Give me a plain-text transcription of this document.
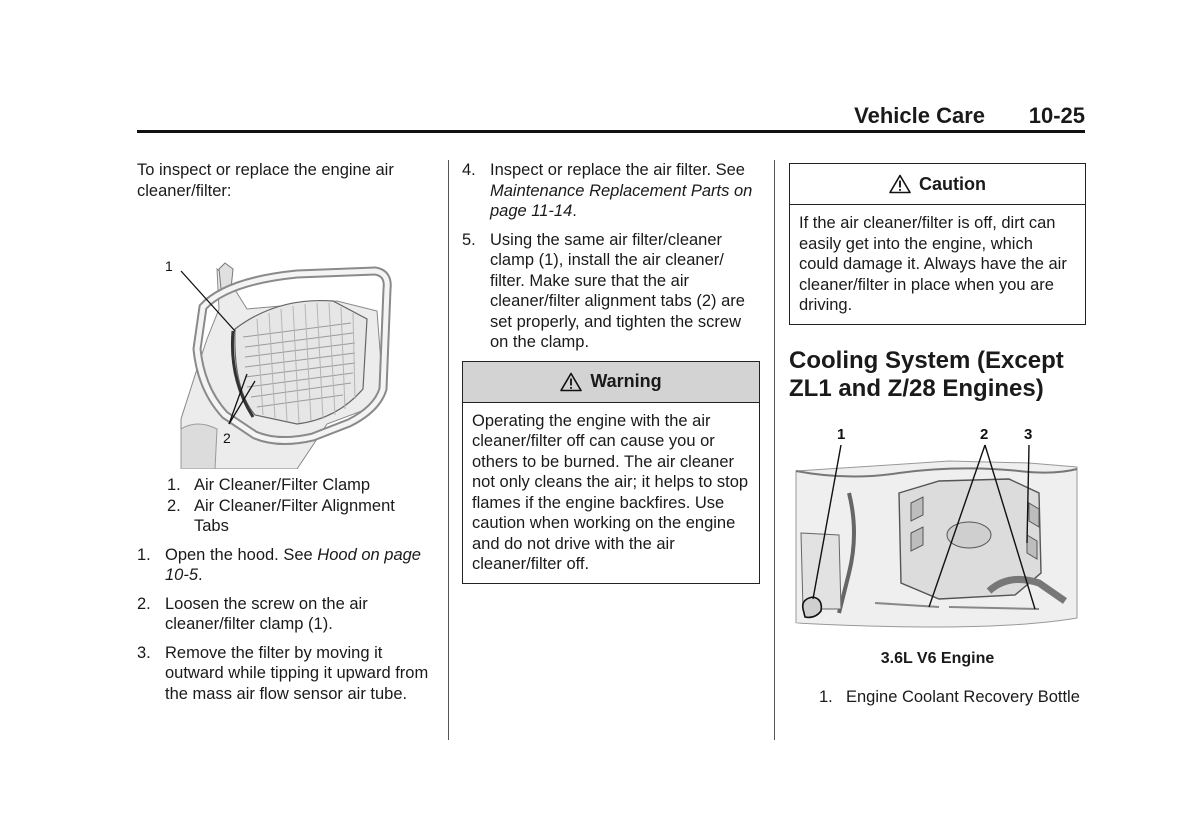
Vehicle Care 10-25

To inspect or replace the engine air cleaner/filter:

1
2
1. Air Cleaner/Filter Clamp
2. Air Cleaner/Filter Alignment Tabs
1. Open the hood. See Hood on page 10-5.
2. Loosen the screw on the air cleaner/filter clamp (1).
3. Remove the filter by moving it outward while tipping it upward from the mass air flow sensor air tube.
4. Inspect or replace the air filter. See Maintenance Replacement Parts on page 11-14.
5. Using the same air filter/cleaner clamp (1), install the air cleaner/ filter. Make sure that the air cleaner/filter alignment tabs (2) are set properly, and tighten the screw on the clamp.
Warning
Operating the engine with the air cleaner/filter off can cause you or others to be burned. The air cleaner not only cleans the air; it helps to stop flames if the engine backfires. Use caution when working on the engine and do not drive with the air cleaner/filter off.
Caution
If the air cleaner/filter is off, dirt can easily get into the engine, which could damage it. Always have the air cleaner/filter in place when you are driving.
Cooling System (Except ZL1 and Z/28 Engines)
1	2 3

3.6L V6 Engine

1. Engine Coolant Recovery Bottle
